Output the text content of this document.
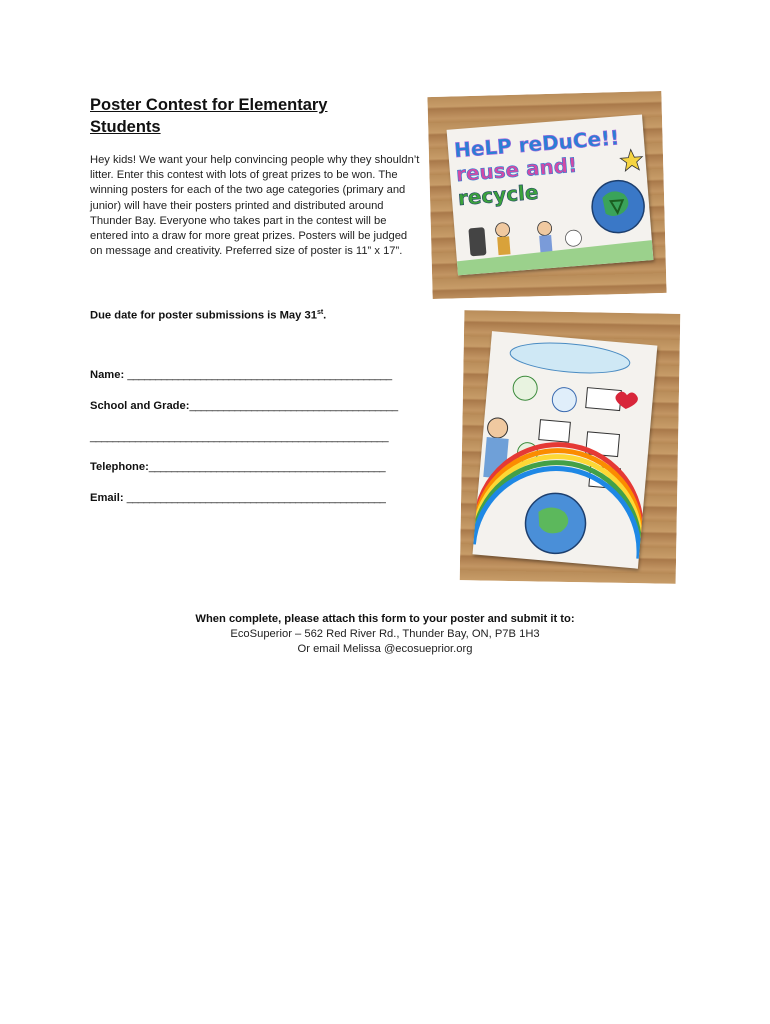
Poster Contest for Elementary Students

Hey kids! We want your help convincing people why they shouldn’t litter. Enter this contest with lots of great prizes to be won. The winning posters for each of the two age categories (primary and junior) will have their posters printed and distributed around Thunder Bay. Everyone who takes part in the contest will be entered into a draw for more great prizes. Posters will be judged on message and creativity. Preferred size of poster is 11” x 17”.

Due date for poster submissions is May 31st.
Name: _______________________________________________
School and Grade:_____________________________________
_____________________________________________________
Telephone:__________________________________________
Email: ______________________________________________
HeLP reDuCe!!
reuse and!
recycle
When complete, please attach this form to your poster and submit it to:
EcoSuperior – 562 Red River Rd., Thunder Bay, ON, P7B 1H3
Or email Melissa @ecosueprior.org
